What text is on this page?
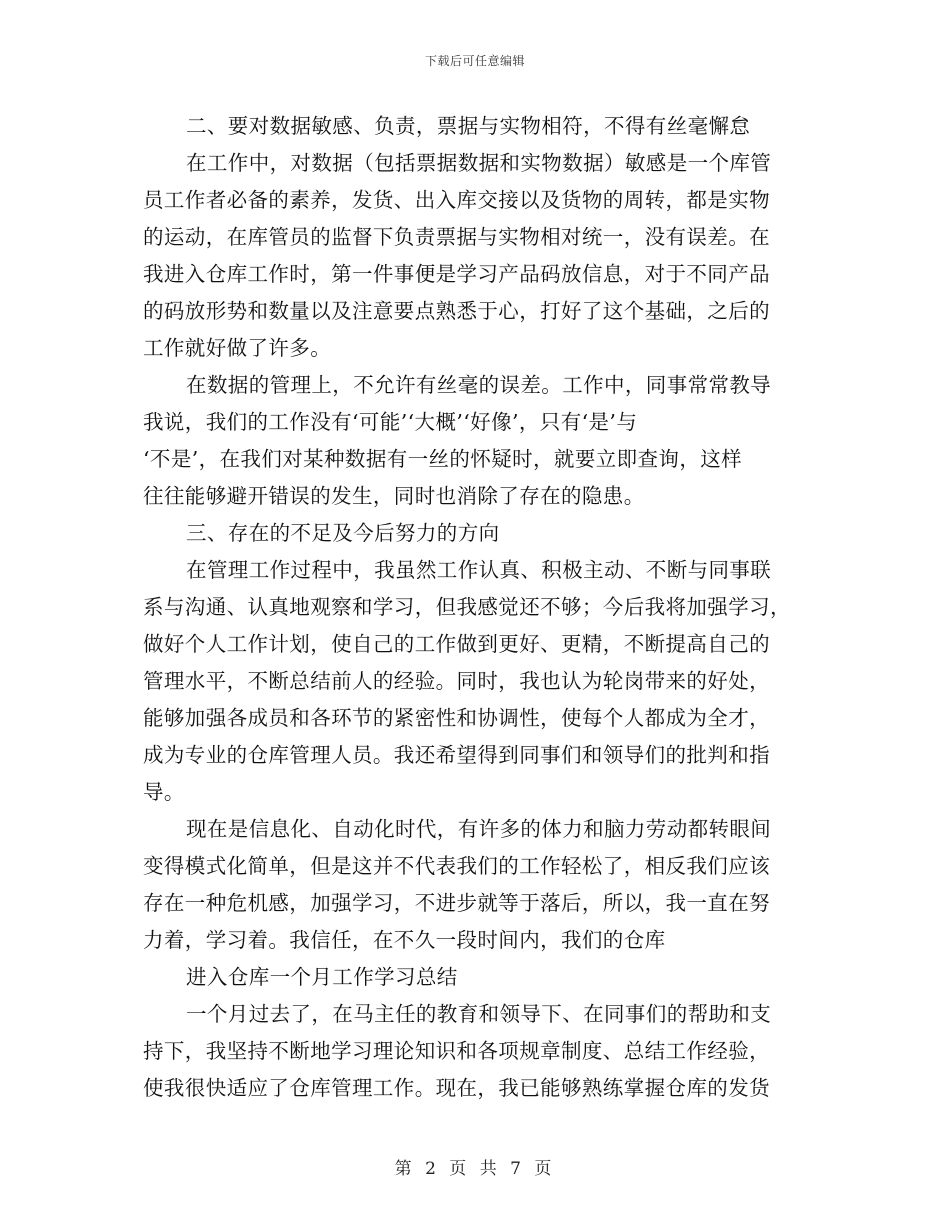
下载后可任意编辑
二、要对数据敏感、负责，票据与实物相符，不得有丝毫懈怠
在工作中，对数据（包括票据数据和实物数据）敏感是一个库管
员工作者必备的素养，发货、出入库交接以及货物的周转，都是实物
的运动，在库管员的监督下负责票据与实物相对统一，没有误差。在
我进入仓库工作时，第一件事便是学习产品码放信息，对于不同产品
的码放形势和数量以及注意要点熟悉于心，打好了这个基础，之后的
工作就好做了许多。
在数据的管理上，不允许有丝毫的误差。工作中，同事常常教导
我说，我们的工作没有‘可能’‘大概’‘好像’，只有‘是’与
‘不是’，在我们对某种数据有一丝的怀疑时，就要立即查询，这样
往往能够避开错误的发生，同时也消除了存在的隐患。
三、存在的不足及今后努力的方向
在管理工作过程中，我虽然工作认真、积极主动、不断与同事联
系与沟通、认真地观察和学习，但我感觉还不够；今后我将加强学习，
做好个人工作计划，使自己的工作做到更好、更精，不断提高自己的
管理水平，不断总结前人的经验。同时，我也认为轮岗带来的好处，
能够加强各成员和各环节的紧密性和协调性，使每个人都成为全才，
成为专业的仓库管理人员。我还希望得到同事们和领导们的批判和指
导。
现在是信息化、自动化时代，有许多的体力和脑力劳动都转眼间
变得模式化简单，但是这并不代表我们的工作轻松了，相反我们应该
存在一种危机感，加强学习，不进步就等于落后，所以，我一直在努
力着，学习着。我信任，在不久一段时间内，我们的仓库
进入仓库一个月工作学习总结
一个月过去了，在马主任的教育和领导下、在同事们的帮助和支
持下，我坚持不断地学习理论知识和各项规章制度、总结工作经验，
使我很快适应了仓库管理工作。现在，我已能够熟练掌握仓库的发货
第 2 页 共 7 页
